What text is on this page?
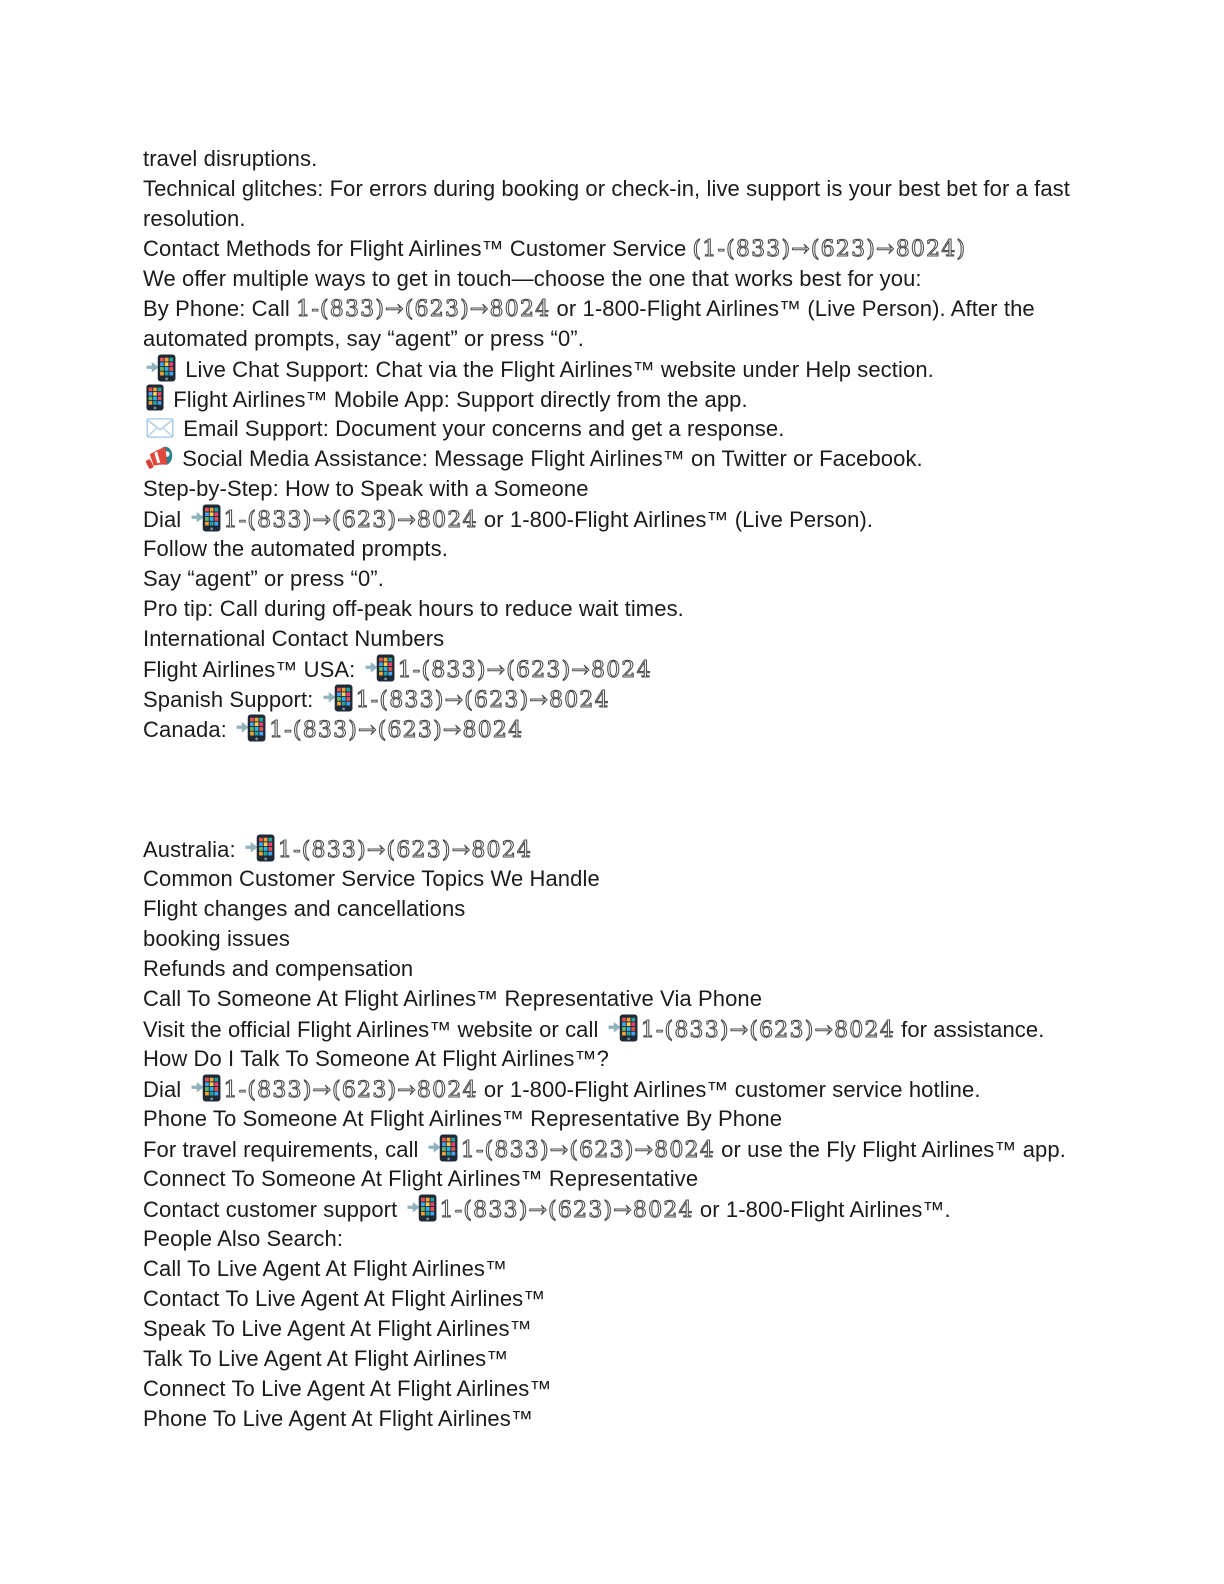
travel disruptions.
Technical glitches: For errors during booking or check-in, live support is your best bet for a fast
resolution.
Contact Methods for Flight Airlines™ Customer Service (1-(833)→(623)→8024)
We offer multiple ways to get in touch—choose the one that works best for you:
By Phone: Call 1-(833)→(623)→8024 or 1-800-Flight Airlines™ (Live Person). After the
automated prompts, say “agent” or press “0”.
Live Chat Support: Chat via the Flight Airlines™ website under Help section.
Flight Airlines™ Mobile App: Support directly from the app.
Email Support: Document your concerns and get a response.
Social Media Assistance: Message Flight Airlines™ on Twitter or Facebook.
Step-by-Step: How to Speak with a Someone
Dial 1-(833)→(623)→8024 or 1-800-Flight Airlines™ (Live Person).
Follow the automated prompts.
Say “agent” or press “0”.
Pro tip: Call during off-peak hours to reduce wait times.
International Contact Numbers
Flight Airlines™ USA: 1-(833)→(623)→8024
Spanish Support: 1-(833)→(623)→8024
Canada: 1-(833)→(623)→8024
Australia: 1-(833)→(623)→8024
Common Customer Service Topics We Handle
Flight changes and cancellations
booking issues
Refunds and compensation
Call To Someone At Flight Airlines™ Representative Via Phone
Visit the official Flight Airlines™ website or call 1-(833)→(623)→8024 for assistance.
How Do I Talk To Someone At Flight Airlines™?
Dial 1-(833)→(623)→8024 or 1-800-Flight Airlines™ customer service hotline.
Phone To Someone At Flight Airlines™ Representative By Phone
For travel requirements, call 1-(833)→(623)→8024 or use the Fly Flight Airlines™ app.
Connect To Someone At Flight Airlines™ Representative
Contact customer support 1-(833)→(623)→8024 or 1-800-Flight Airlines™.
People Also Search:
Call To Live Agent At Flight Airlines™
Contact To Live Agent At Flight Airlines™
Speak To Live Agent At Flight Airlines™
Talk To Live Agent At Flight Airlines™
Connect To Live Agent At Flight Airlines™
Phone To Live Agent At Flight Airlines™
